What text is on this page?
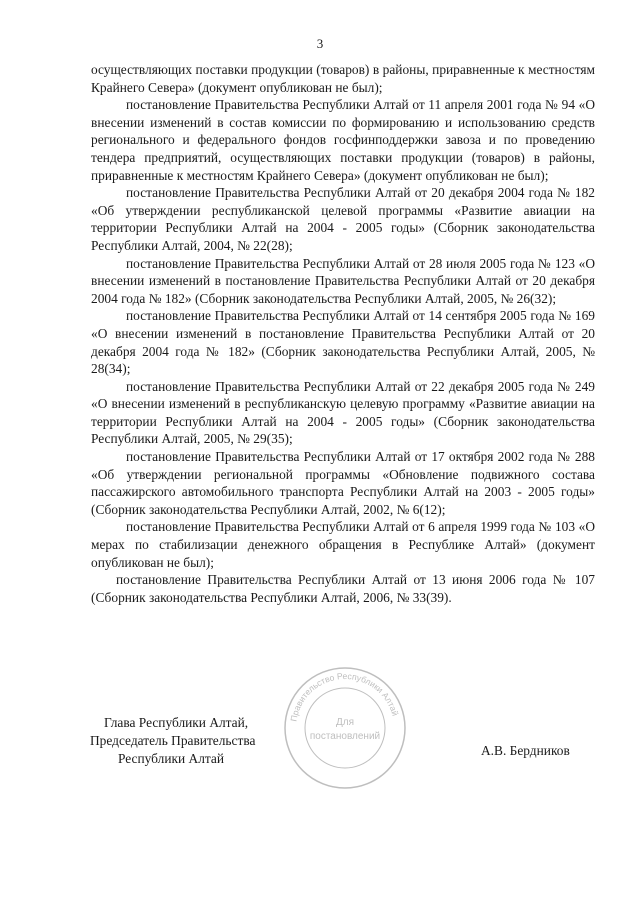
3

осуществляющих поставки продукции (товаров) в районы, приравненные к местностям Крайнего Севера» (документ опубликован не был);

постановление Правительства Республики Алтай от 11 апреля 2001 года № 94 «О внесении изменений в состав комиссии по формированию и использованию средств регионального и федерального фондов госфинподдержки завоза и по проведению тендера предприятий, осуществляющих поставки продукции (товаров) в районы, приравненные к местностям Крайнего Севера» (документ опубликован не был);

постановление Правительства Республики Алтай от 20 декабря 2004 года № 182 «Об утверждении республиканской целевой программы «Развитие авиации на территории Республики Алтай на 2004 - 2005 годы» (Сборник законодательства Республики Алтай, 2004, № 22(28);

постановление Правительства Республики Алтай от 28 июля 2005 года № 123 «О внесении изменений в постановление Правительства Республики Алтай от 20 декабря 2004 года № 182» (Сборник законодательства Республики Алтай, 2005, № 26(32);

постановление Правительства Республики Алтай от 14 сентября 2005 года № 169 «О внесении изменений в постановление Правительства Республики Алтай от 20 декабря 2004 года № 182» (Сборник законодательства Республики Алтай, 2005, № 28(34);

постановление Правительства Республики Алтай от 22 декабря 2005 года № 249 «О внесении изменений в республиканскую целевую программу «Развитие авиации на территории Республики Алтай на 2004 - 2005 годы» (Сборник законодательства Республики Алтай, 2005, № 29(35);

постановление Правительства Республики Алтай от 17 октября 2002 года № 288 «Об утверждении региональной программы «Обновление подвижного состава пассажирского автомобильного транспорта Республики Алтай на 2003 - 2005 годы» (Сборник законодательства Республики Алтай, 2002, № 6(12);

постановление Правительства Республики Алтай от 6 апреля 1999 года № 103 «О мерах по стабилизации денежного обращения в Республике Алтай» (документ опубликован не был);

постановление Правительства Республики Алтай от 13 июня 2006 года № 107 (Сборник законодательства Республики Алтай, 2006, № 33(39).

Правительство Республики Алтай
Для
постановлений
Глава Республики Алтай,
Председатель Правительства
Республики Алтай
А.В. Бердников
